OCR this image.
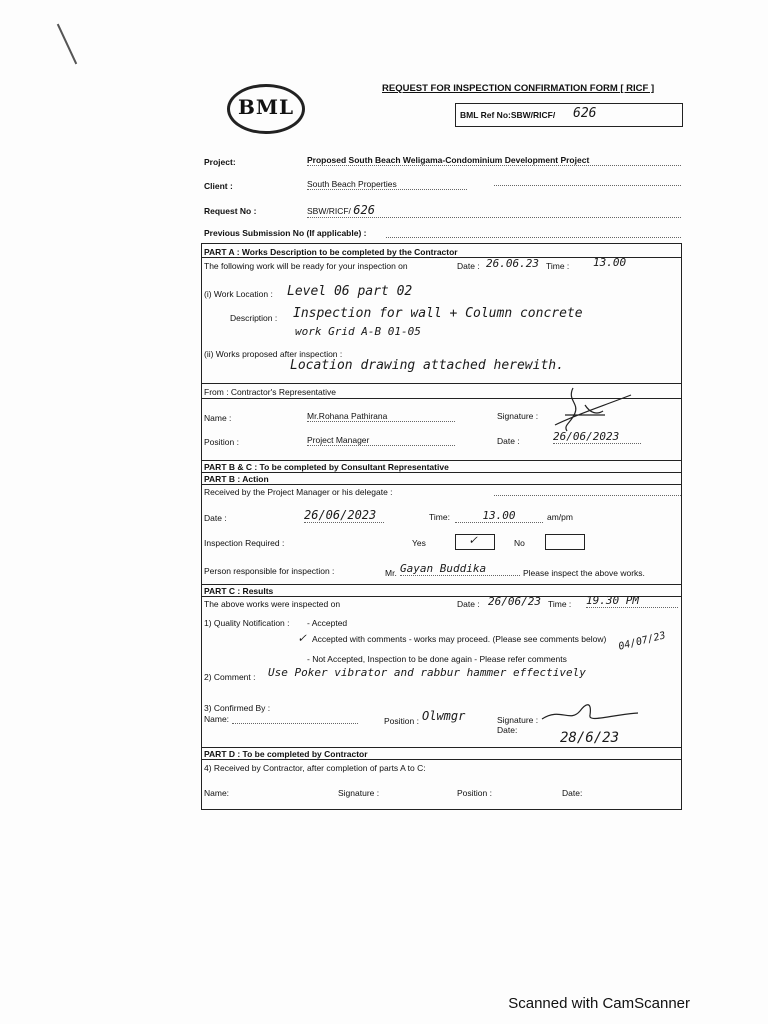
REQUEST FOR INSPECTION CONFIRMATION FORM [ RICF ]
BML	BML Ref No:SBW/RICF/ 626
Project:	Proposed South Beach Weligama-Condominium Development Project
Client :	South Beach Properties
Request No :	SBW/RICF/ 626
Previous Submission No (If applicable) :
PART A : Works Description to be completed by the Contractor
The following work will be ready for your inspection on	Date : 26.06.23 Time : 13.00
(i) Work Location : Level 06 part 02
Description : Inspection for wall + Column concrete
work Grid A-B 01-05
(ii) Works proposed after inspection :
Location drawing attached herewith.
From : Contractor's Representative
Name :	Mr.Rohana Pathirana	Signature :
Position :	Project Manager	Date :	26/06/2023
PART B & C : To be completed by Consultant Representative
PART B : Action
Received by the Project Manager or his delegate :
Date :	26/06/2023	Time:	13.00	am/pm
Inspection Required :	Yes	✓	No
Person responsible for inspection :	Mr. Gayan Buddika	Please inspect the above works.
PART C : Results
The above works were inspected on	Date : 26/06/23 Time : 19.30 PM
1) Quality Notification : - Accepted
✓ Accepted with comments - works may proceed. (Please see comments below) 04/07/23
- Not Accepted, Inspection to be done again - Please refer comments
2) Comment : Use Poker vibrator and rabbur hammer effectively
3) Confirmed By :
Name:	Position : Olwmgr	Signature :
Date:	28/6/23
PART D : To be completed by Contractor
4) Received by Contractor, after completion of parts A to C:
Name:	Signature :	Position :	Date:
Scanned with CamScanner
